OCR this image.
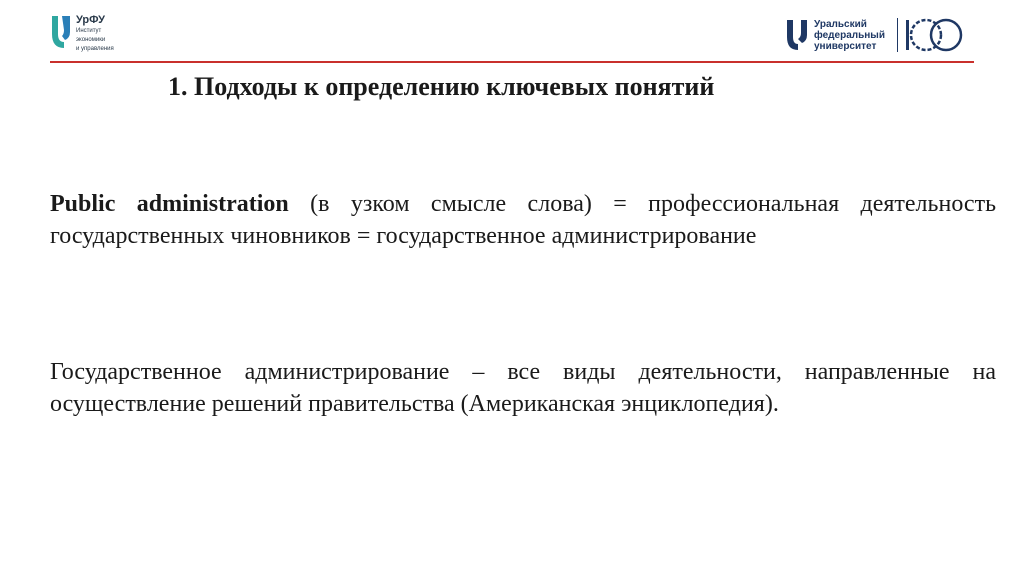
УрФУ
Институт
экономики
и управления
Уральский
федеральный
университет
1. Подходы к определению ключевых понятий
Public administration (в узком смысле слова) = профессиональная деятельность государственных чиновников = государственное администрирование
Государственное администрирование – все виды деятельности, направленные на осуществление решений правительства (Американская энциклопедия).
